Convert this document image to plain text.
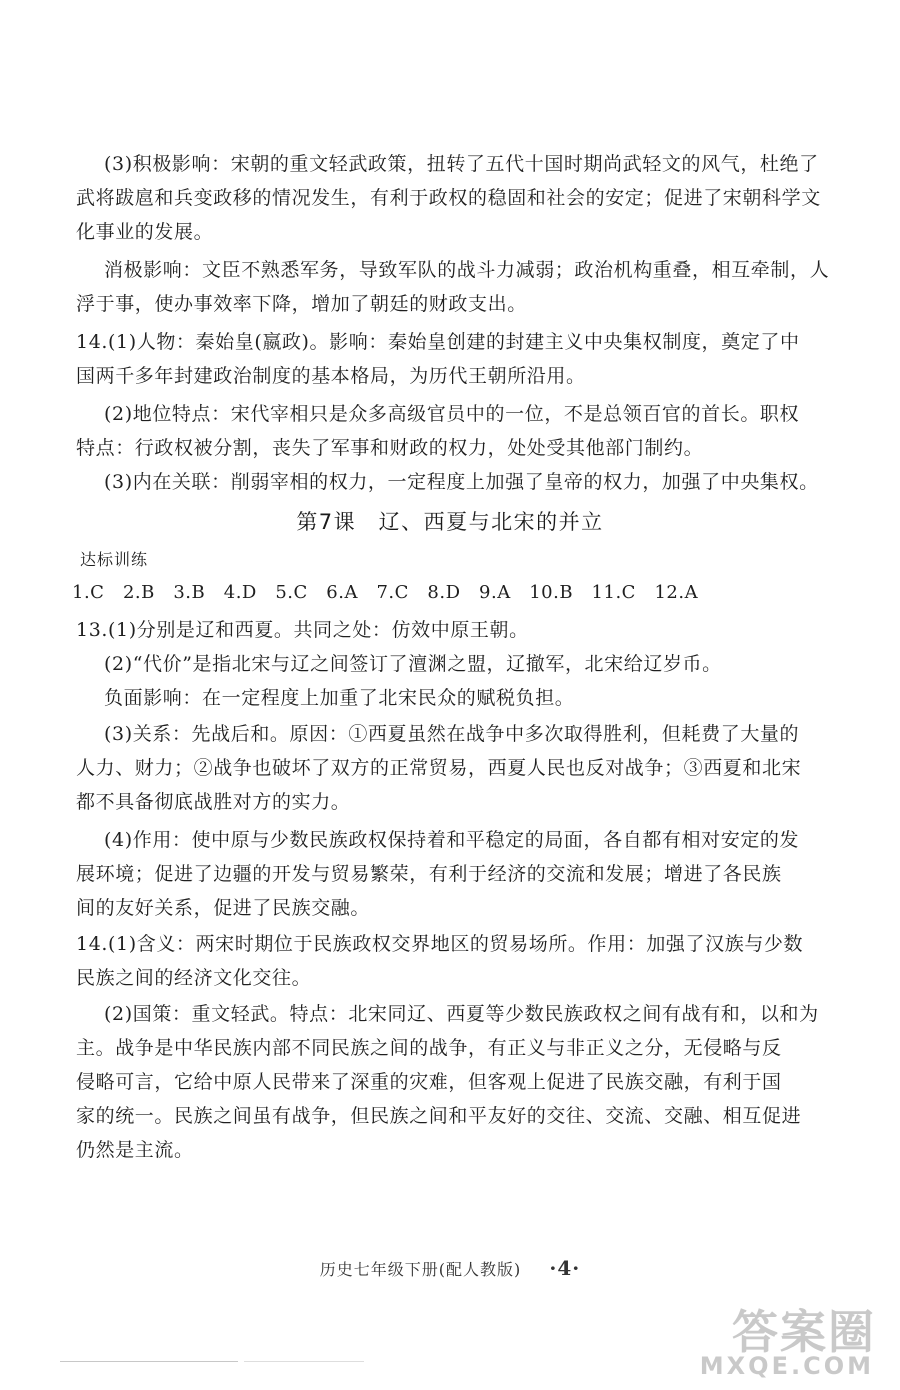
(3)积极影响：宋朝的重文轻武政策，扭转了五代十国时期尚武轻文的风气，杜绝了
武将跋扈和兵变政移的情况发生，有利于政权的稳固和社会的安定；促进了宋朝科学文
化事业的发展。
消极影响：文臣不熟悉军务，导致军队的战斗力减弱；政治机构重叠，相互牵制，人
浮于事，使办事效率下降，增加了朝廷的财政支出。
14.(1)人物：秦始皇(嬴政)。影响：秦始皇创建的封建主义中央集权制度，奠定了中
国两千多年封建政治制度的基本格局，为历代王朝所沿用。
(2)地位特点：宋代宰相只是众多高级官员中的一位，不是总领百官的首长。职权
特点：行政权被分割，丧失了军事和财政的权力，处处受其他部门制约。
(3)内在关联：削弱宰相的权力，一定程度上加强了皇帝的权力，加强了中央集权。
第7课　辽、西夏与北宋的并立
达标训练
1.C　2.B　3.B　4.D　5.C　6.A　7.C　8.D　9.A　10.B　11.C　12.A
13.(1)分别是辽和西夏。共同之处：仿效中原王朝。
(2)“代价”是指北宋与辽之间签订了澶渊之盟，辽撤军，北宋给辽岁币。
负面影响：在一定程度上加重了北宋民众的赋税负担。
(3)关系：先战后和。原因：①西夏虽然在战争中多次取得胜利，但耗费了大量的
人力、财力；②战争也破坏了双方的正常贸易，西夏人民也反对战争；③西夏和北宋
都不具备彻底战胜对方的实力。
(4)作用：使中原与少数民族政权保持着和平稳定的局面，各自都有相对安定的发
展环境；促进了边疆的开发与贸易繁荣，有利于经济的交流和发展；增进了各民族
间的友好关系，促进了民族交融。
14.(1)含义：两宋时期位于民族政权交界地区的贸易场所。作用：加强了汉族与少数
民族之间的经济文化交往。
(2)国策：重文轻武。特点：北宋同辽、西夏等少数民族政权之间有战有和，以和为
主。战争是中华民族内部不同民族之间的战争，有正义与非正义之分，无侵略与反
侵略可言，它给中原人民带来了深重的灾难，但客观上促进了民族交融，有利于国
家的统一。民族之间虽有战争，但民族之间和平友好的交往、交流、交融、相互促进
仍然是主流。
历史七年级下册(配人教版) ·4·
答案圈
MXQE.COM
